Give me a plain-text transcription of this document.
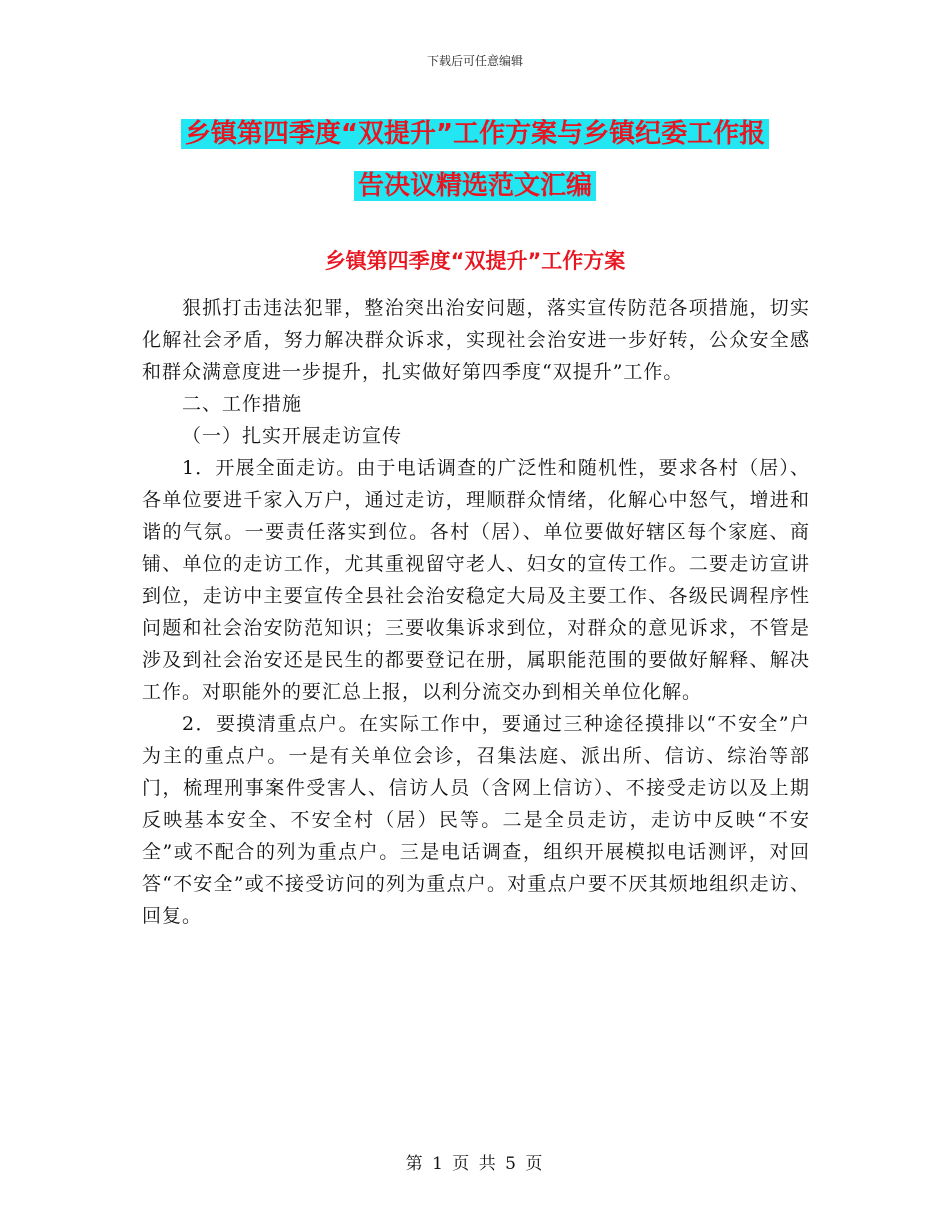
下载后可任意编辑
乡镇第四季度“双提升”工作方案与乡镇纪委工作报
告决议精选范文汇编
乡镇第四季度“双提升”工作方案

狠抓打击违法犯罪，整治突出治安问题，落实宣传防范各项措施，切实化解社会矛盾，努力解决群众诉求，实现社会治安进一步好转，公众安全感和群众满意度进一步提升，扎实做好第四季度“双提升”工作。

二、工作措施

（一）扎实开展走访宣传

1．开展全面走访。由于电话调查的广泛性和随机性，要求各村（居）、各单位要进千家入万户，通过走访，理顺群众情绪，化解心中怒气，增进和谐的气氛。一要责任落实到位。各村（居）、单位要做好辖区每个家庭、商铺、单位的走访工作，尤其重视留守老人、妇女的宣传工作。二要走访宣讲到位，走访中主要宣传全县社会治安稳定大局及主要工作、各级民调程序性问题和社会治安防范知识；三要收集诉求到位，对群众的意见诉求，不管是涉及到社会治安还是民生的都要登记在册，属职能范围的要做好解释、解决工作。对职能外的要汇总上报，以利分流交办到相关单位化解。

2．要摸清重点户。在实际工作中，要通过三种途径摸排以“不安全”户为主的重点户。一是有关单位会诊，召集法庭、派出所、信访、综治等部门，梳理刑事案件受害人、信访人员（含网上信访）、不接受走访以及上期反映基本安全、不安全村（居）民等。二是全员走访，走访中反映“不安全”或不配合的列为重点户。三是电话调查，组织开展模拟电话测评，对回答“不安全”或不接受访问的列为重点户。对重点户要不厌其烦地组织走访、回复。

第 1 页 共 5 页
